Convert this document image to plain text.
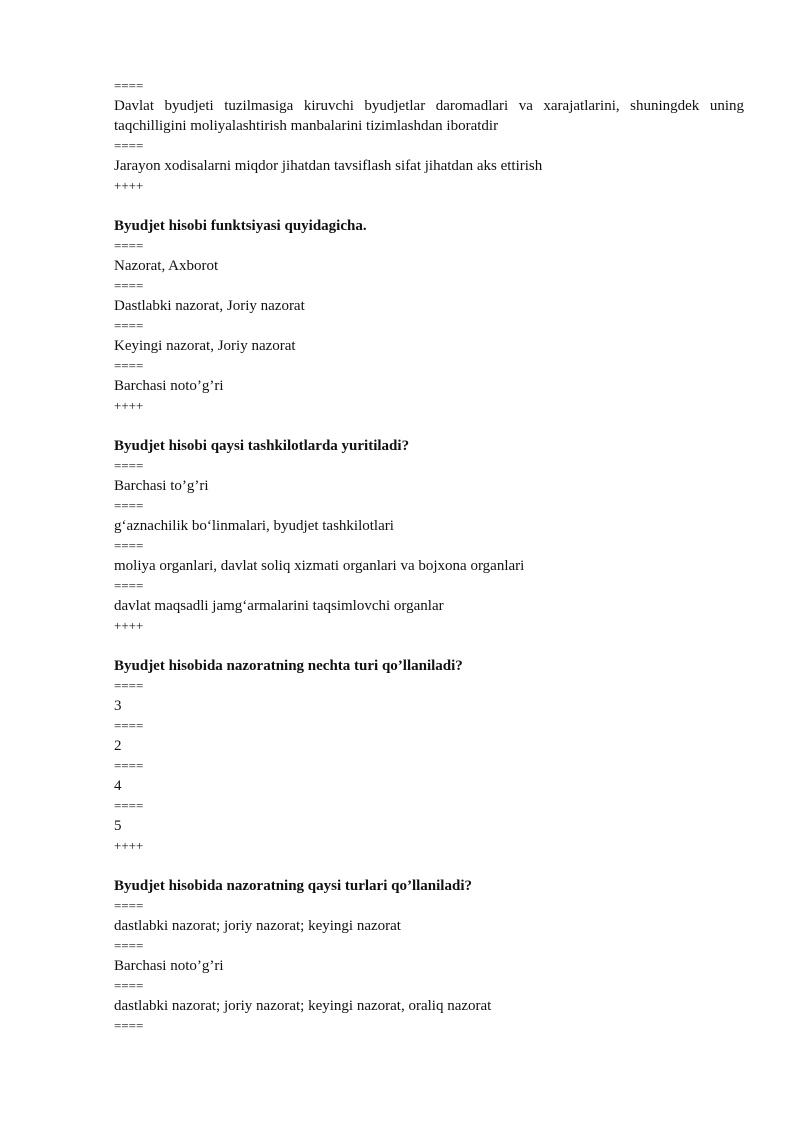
====
Davlat byudjeti tuzilmasiga kiruvchi byudjetlar daromadlari va xarajatlarini, shuningdek uning taqchilligini moliyalashtirish manbalarini tizimlashdan iboratdir
====
Jarayon xodisalarni miqdor jihatdan tavsiflash sifat jihatdan aks ettirish
++++
Byudjet hisobi funktsiyasi quyidagicha.
====
Nazorat, Axborot
====
Dastlabki nazorat, Joriy nazorat
====
Keyingi nazorat, Joriy nazorat
====
Barchasi noto’g’ri
++++
Byudjet hisobi qaysi tashkilotlarda yuritiladi?
====
Barchasi to’g’ri
====
g‘aznachilik bo‘linmalari, byudjet tashkilotlari
====
moliya organlari, davlat soliq xizmati organlari va bojxona organlari
====
davlat maqsadli jamg‘armalarini taqsimlovchi organlar
++++
Byudjet hisobida nazoratning nechta turi qo’llaniladi?
====
3
====
2
====
4
====
5
++++
Byudjet hisobida nazoratning qaysi turlari qo’llaniladi?
====
dastlabki nazorat; joriy nazorat; keyingi nazorat
====
Barchasi noto’g’ri
====
dastlabki nazorat; joriy nazorat; keyingi nazorat, oraliq nazorat
====
